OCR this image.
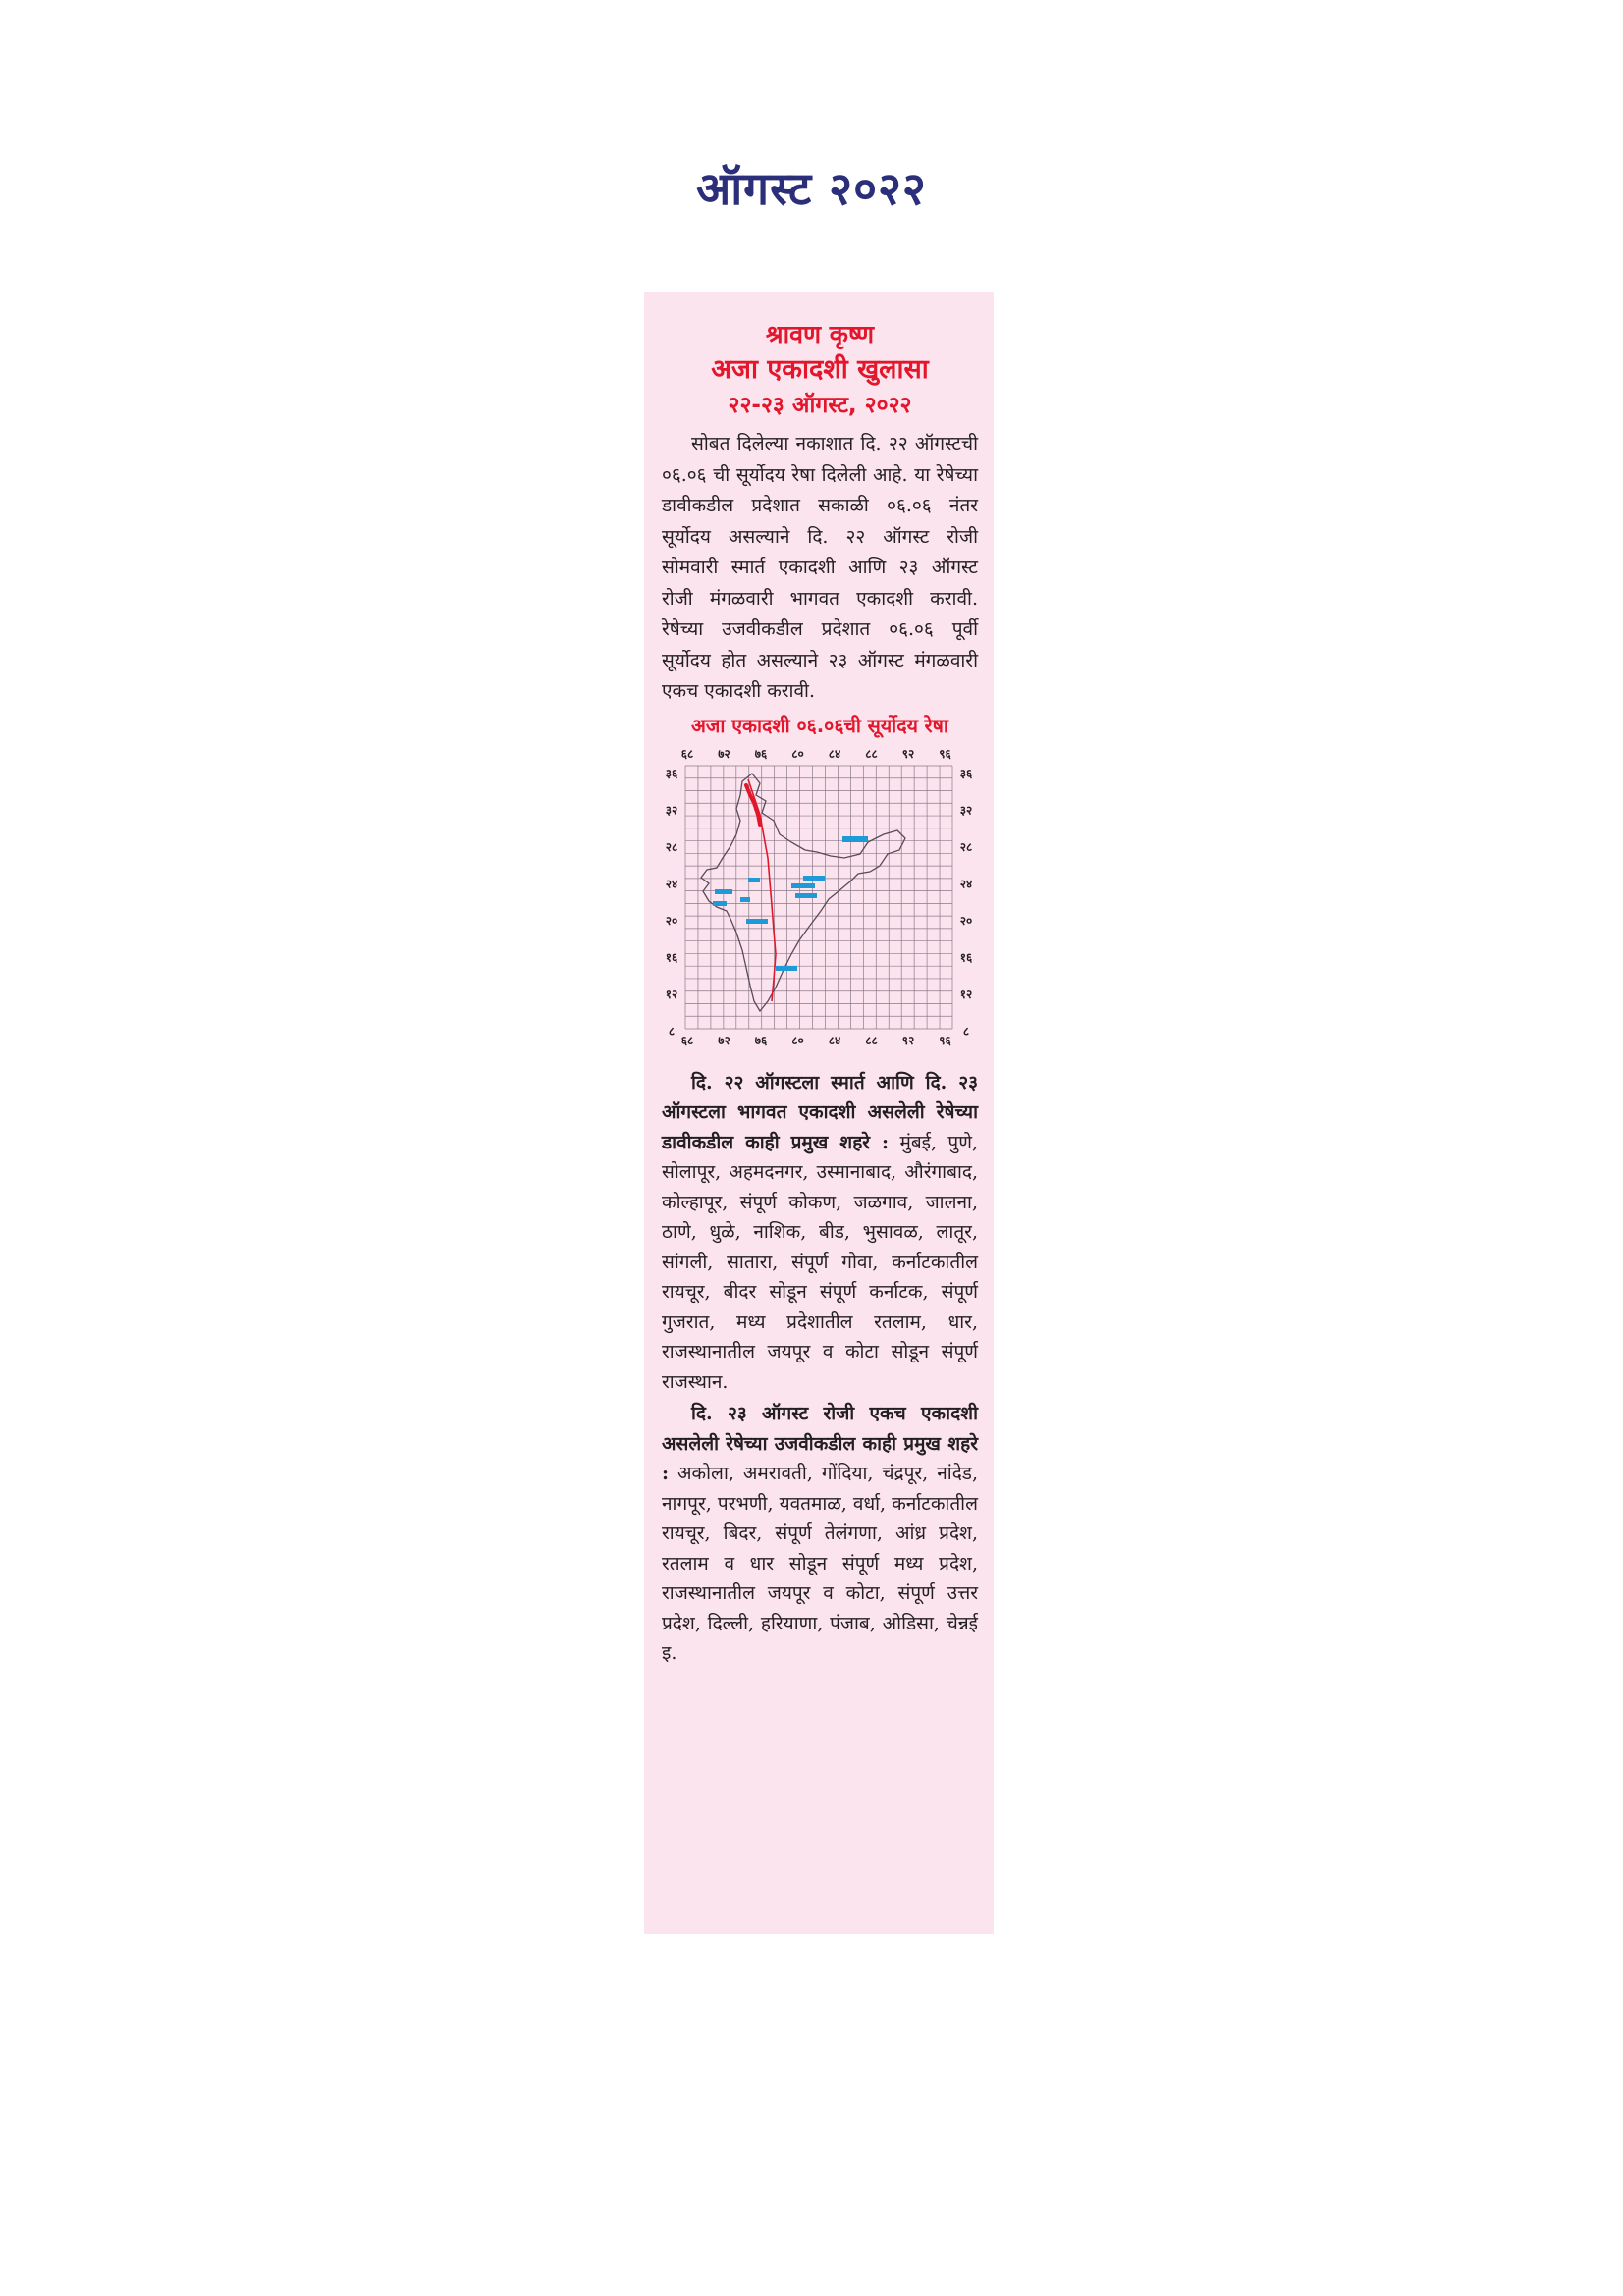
ऑगस्ट २०२२
श्रावण कृष्ण
अजा एकादशी खुलासा
२२-२३ ऑगस्ट, २०२२

सोबत दिलेल्या नकाशात दि. २२ ऑगस्टची ०६.०६ ची सूर्योदय रेषा दिलेली आहे. या रेषेच्या डावीकडील प्रदेशात सकाळी ०६.०६ नंतर सूर्योदय असल्याने दि. २२ ऑगस्ट रोजी सोमवारी स्मार्त एकादशी आणि २३ ऑगस्ट रोजी मंगळवारी भागवत एकादशी करावी. रेषेच्या उजवीकडील प्रदेशात ०६.०६ पूर्वी सूर्योदय होत असल्याने २३ ऑगस्ट मंगळवारी एकच एकादशी करावी.

अजा एकादशी ०६.०६ची सूर्योदय रेषा
६८
६८
७२
७२
७६
७६
८०
८०
८४
८४
८८
८८
९२
९२
९६
९६
३६	३६
३२	३२
२८	२८
२४	२४
२०	२०
१६	१६
१२	१२
८	८

दि. २२ ऑगस्टला स्मार्त आणि दि. २३ ऑगस्टला भागवत एकादशी असलेली रेषेच्या डावीकडील काही प्रमुख शहरे : मुंबई, पुणे, सोलापूर, अहमदनगर, उस्मानाबाद, औरंगाबाद, कोल्हापूर, संपूर्ण कोकण, जळगाव, जालना, ठाणे, धुळे, नाशिक, बीड, भुसावळ, लातूर, सांगली, सातारा, संपूर्ण गोवा, कर्नाटकातील रायचूर, बीदर सोडून संपूर्ण कर्नाटक, संपूर्ण गुजरात, मध्य प्रदेशातील रतलाम, धार, राजस्थानातील जयपूर व कोटा सोडून संपूर्ण राजस्थान.

दि. २३ ऑगस्ट रोजी एकच एकादशी असलेली रेषेच्या उजवीकडील काही प्रमुख शहरे : अकोला, अमरावती, गोंदिया, चंद्रपूर, नांदेड, नागपूर, परभणी, यवतमाळ, वर्धा, कर्नाटकातील रायचूर, बिदर, संपूर्ण तेलंगणा, आंध्र प्रदेश, रतलाम व धार सोडून संपूर्ण मध्य प्रदेश, राजस्थानातील जयपूर व कोटा, संपूर्ण उत्तर प्रदेश, दिल्ली, हरियाणा, पंजाब, ओडिसा, चेन्नई इ.
